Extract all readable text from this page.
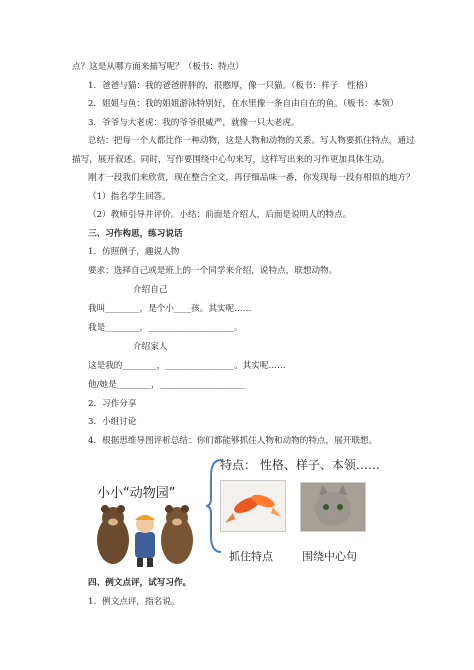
点？这是从哪方面来描写呢？（板书：特点）
1．爸爸与猫：我的爸爸胖胖的，很憨厚，像一只猫。（板书：样子　性格）
2．姐姐与鱼：我的姐姐游泳特别好，在水里像一条自由自在的鱼。（板书：本领）
3．爷爷与大老虎：我的爷爷很威严，就像一只大老虎。
总结：把每一个人都比作一种动物，这是人物和动物的关系。写人物要抓住特点，通过
描写，展开叙述。同时，写作要围绕中心句来写，这样写出来的习作更加具体生动。
刚才一段我们来欣赏，现在整合全文，再仔细品味一番，你发现每一段有相似的地方？
（1）指名学生回答。
（2）教师引导并评价。小结：前面是介绍人，后面是说明人的特点。
三、习作构思，练习说话
1．仿照例子，趣说人物
要求：选择自己或是班上的一个同学来介绍，说特点，联想动物。
介绍自己
我叫________，是个小____孩。其实呢……
我是________，____________________。
介绍家人
这是我的________，________________。其实呢……
他/她是________，____________________
2．习作分享
3．小组讨论
4．根据思维导图评析总结：你们都能够抓住人物和动物的特点，展开联想。
小小“动物园”
特点： 性格、样子、本领……
抓住特点	围绕中心句
四、例文点评，试写习作。
1．例文点评，指名说。
